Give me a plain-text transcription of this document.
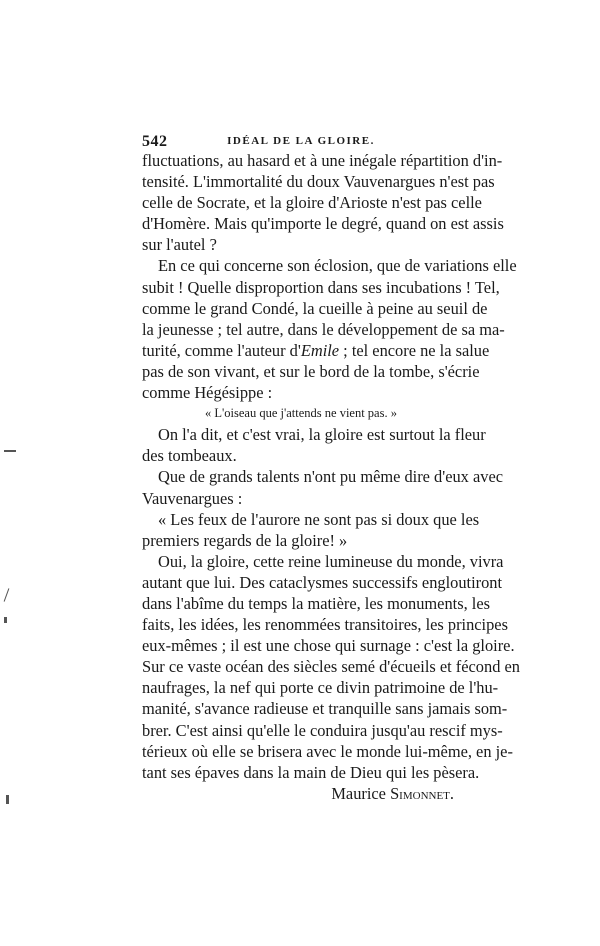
542	IDÉAL DE LA GLOIRE.
fluctuations, au hasard et à une inégale répartition d'in-
tensité. L'immortalité du doux Vauvenargues n'est pas
celle de Socrate, et la gloire d'Arioste n'est pas celle
d'Homère. Mais qu'importe le degré, quand on est assis
sur l'autel ?
En ce qui concerne son éclosion, que de variations elle
subit ! Quelle disproportion dans ses incubations ! Tel,
comme le grand Condé, la cueille à peine au seuil de
la jeunesse ; tel autre, dans le développement de sa ma-
turité, comme l'auteur d'Emile ; tel encore ne la salue
pas de son vivant, et sur le bord de la tombe, s'écrie
comme Hégésippe :
« L'oiseau que j'attends ne vient pas. »
On l'a dit, et c'est vrai, la gloire est surtout la fleur
des tombeaux.
Que de grands talents n'ont pu même dire d'eux avec
Vauvenargues :
« Les feux de l'aurore ne sont pas si doux que les
premiers regards de la gloire! »
Oui, la gloire, cette reine lumineuse du monde, vivra
autant que lui. Des cataclysmes successifs engloutiront
dans l'abîme du temps la matière, les monuments, les
faits, les idées, les renommées transitoires, les principes
eux-mêmes ; il est une chose qui surnage : c'est la gloire.
Sur ce vaste océan des siècles semé d'écueils et fécond en
naufrages, la nef qui porte ce divin patrimoine de l'hu-
manité, s'avance radieuse et tranquille sans jamais som-
brer. C'est ainsi qu'elle le conduira jusqu'au rescif mys-
térieux où elle se brisera avec le monde lui-même, en je-
tant ses épaves dans la main de Dieu qui les pèsera.
Maurice Simonnet.
